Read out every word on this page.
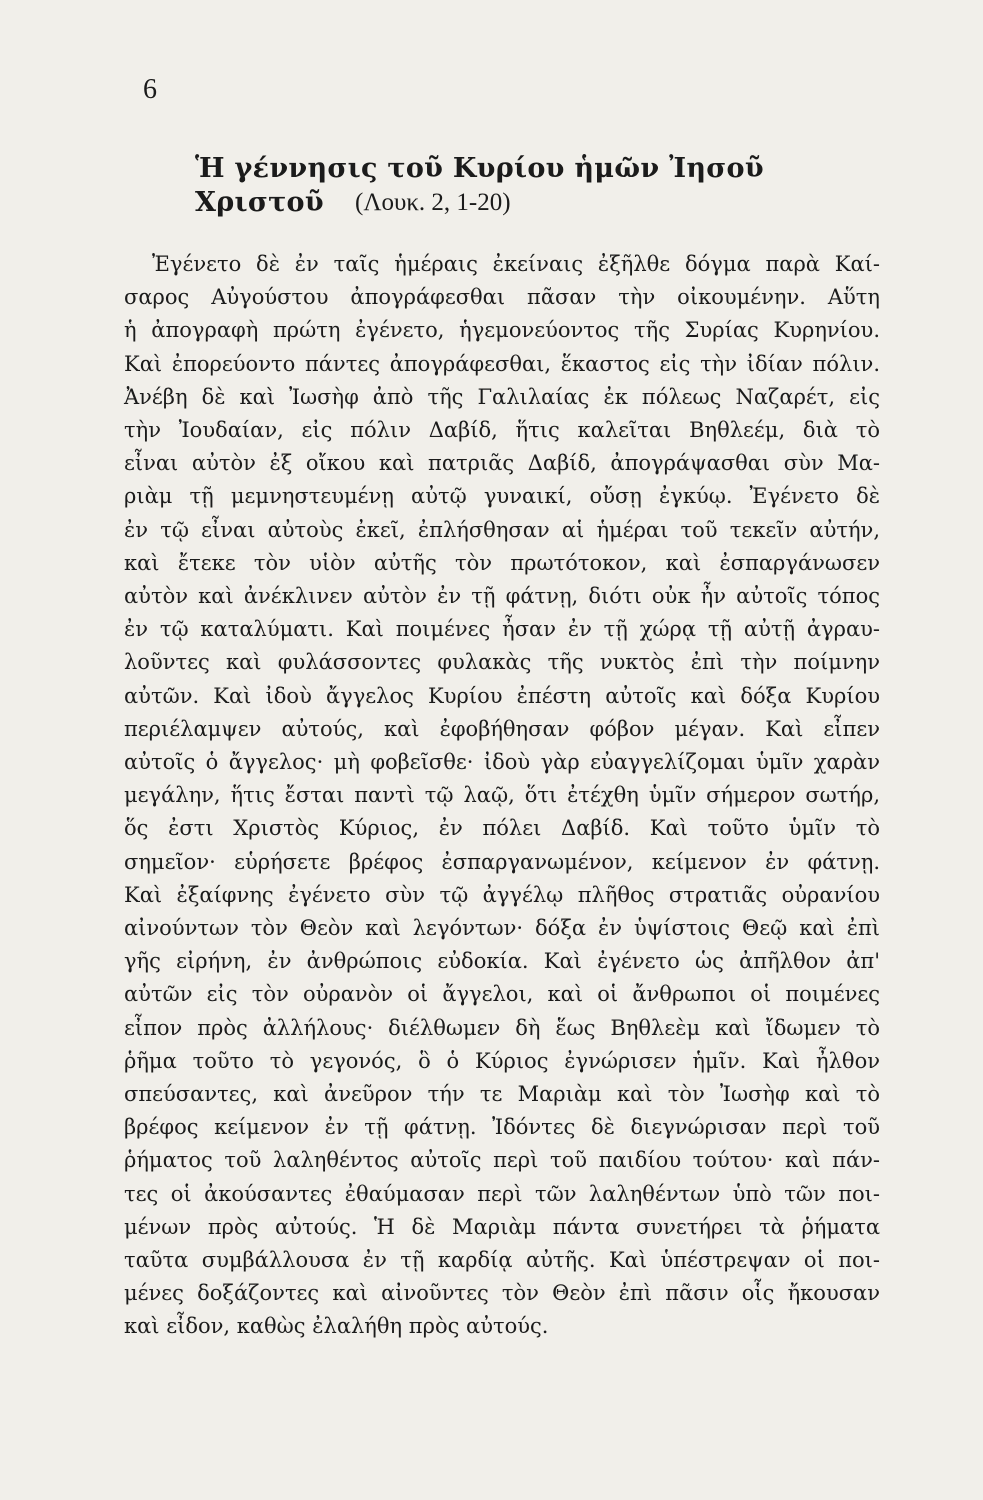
6
Ἡ γέννησις τοῦ Κυρίου ἡμῶν Ἰησοῦ Χριστοῦ	(Λουκ. 2, 1-20)
Ἐγένετο δὲ ἐν ταῖς ἡμέραις ἐκείναις ἐξῆλθε δόγμα παρὰ Καί-
σαρος Αὐγούστου ἀπογράφεσθαι πᾶσαν τὴν οἰκουμένην. Αὕτη
ἡ ἀπογραφὴ πρώτη ἐγένετο, ἡγεμονεύοντος τῆς Συρίας Κυρηνίου.
Καὶ ἐπορεύοντο πάντες ἀπογράφεσθαι, ἕκαστος εἰς τὴν ἰδίαν πόλιν.
Ἀνέβη δὲ καὶ Ἰωσὴφ ἀπὸ τῆς Γαλιλαίας ἐκ πόλεως Ναζαρέτ, εἰς
τὴν Ἰουδαίαν, εἰς πόλιν Δαβίδ, ἥτις καλεῖται Βηθλεέμ, διὰ τὸ
εἶναι αὐτὸν ἐξ οἴκου καὶ πατριᾶς Δαβίδ, ἀπογράψασθαι σὺν Μα-
ριὰμ τῇ μεμνηστευμένῃ αὐτῷ γυναικί, οὔσῃ ἐγκύῳ. Ἐγένετο δὲ
ἐν τῷ εἶναι αὐτοὺς ἐκεῖ, ἐπλήσθησαν αἱ ἡμέραι τοῦ τεκεῖν αὐτήν,
καὶ ἔτεκε τὸν υἱὸν αὐτῆς τὸν πρωτότοκον, καὶ ἐσπαργάνωσεν
αὐτὸν καὶ ἀνέκλινεν αὐτὸν ἐν τῇ φάτνῃ, διότι οὐκ ἦν αὐτοῖς τόπος
ἐν τῷ καταλύματι. Καὶ ποιμένες ἦσαν ἐν τῇ χώρᾳ τῇ αὐτῇ ἀγραυ-
λοῦντες καὶ φυλάσσοντες φυλακὰς τῆς νυκτὸς ἐπὶ τὴν ποίμνην
αὐτῶν. Καὶ ἰδοὺ ἄγγελος Κυρίου ἐπέστη αὐτοῖς καὶ δόξα Κυρίου
περιέλαμψεν αὐτούς, καὶ ἐφοβήθησαν φόβον μέγαν. Καὶ εἶπεν
αὐτοῖς ὁ ἄγγελος· μὴ φοβεῖσθε· ἰδοὺ γὰρ εὐαγγελίζομαι ὑμῖν χαρὰν
μεγάλην, ἥτις ἔσται παντὶ τῷ λαῷ, ὅτι ἐτέχθη ὑμῖν σήμερον σωτήρ,
ὅς ἐστι Χριστὸς Κύριος, ἐν πόλει Δαβίδ. Καὶ τοῦτο ὑμῖν τὸ
σημεῖον· εὑρήσετε βρέφος ἐσπαργανωμένον, κείμενον ἐν φάτνῃ.
Καὶ ἐξαίφνης ἐγένετο σὺν τῷ ἀγγέλῳ πλῆθος στρατιᾶς οὐρανίου
αἰνούντων τὸν Θεὸν καὶ λεγόντων· δόξα ἐν ὑψίστοις Θεῷ καὶ ἐπὶ
γῆς εἰρήνη, ἐν ἀνθρώποις εὐδοκία. Καὶ ἐγένετο ὡς ἀπῆλθον ἀπ'
αὐτῶν εἰς τὸν οὐρανὸν οἱ ἄγγελοι, καὶ οἱ ἄνθρωποι οἱ ποιμένες
εἶπον πρὸς ἀλλήλους· διέλθωμεν δὴ ἕως Βηθλεὲμ καὶ ἴδωμεν τὸ
ῥῆμα τοῦτο τὸ γεγονός, ὃ ὁ Κύριος ἐγνώρισεν ἡμῖν. Καὶ ἦλθον
σπεύσαντες, καὶ ἀνεῦρον τήν τε Μαριὰμ καὶ τὸν Ἰωσὴφ καὶ τὸ
βρέφος κείμενον ἐν τῇ φάτνῃ. Ἰδόντες δὲ διεγνώρισαν περὶ τοῦ
ῥήματος τοῦ λαληθέντος αὐτοῖς περὶ τοῦ παιδίου τούτου· καὶ πάν-
τες οἱ ἀκούσαντες ἐθαύμασαν περὶ τῶν λαληθέντων ὑπὸ τῶν ποι-
μένων πρὸς αὐτούς. Ἡ δὲ Μαριὰμ πάντα συνετήρει τὰ ῥήματα
ταῦτα συμβάλλουσα ἐν τῇ καρδίᾳ αὐτῆς. Καὶ ὑπέστρεψαν οἱ ποι-
μένες δοξάζοντες καὶ αἰνοῦντες τὸν Θεὸν ἐπὶ πᾶσιν οἷς ἤκουσαν
καὶ εἶδον, καθὼς ἐλαλήθη πρὸς αὐτούς.
